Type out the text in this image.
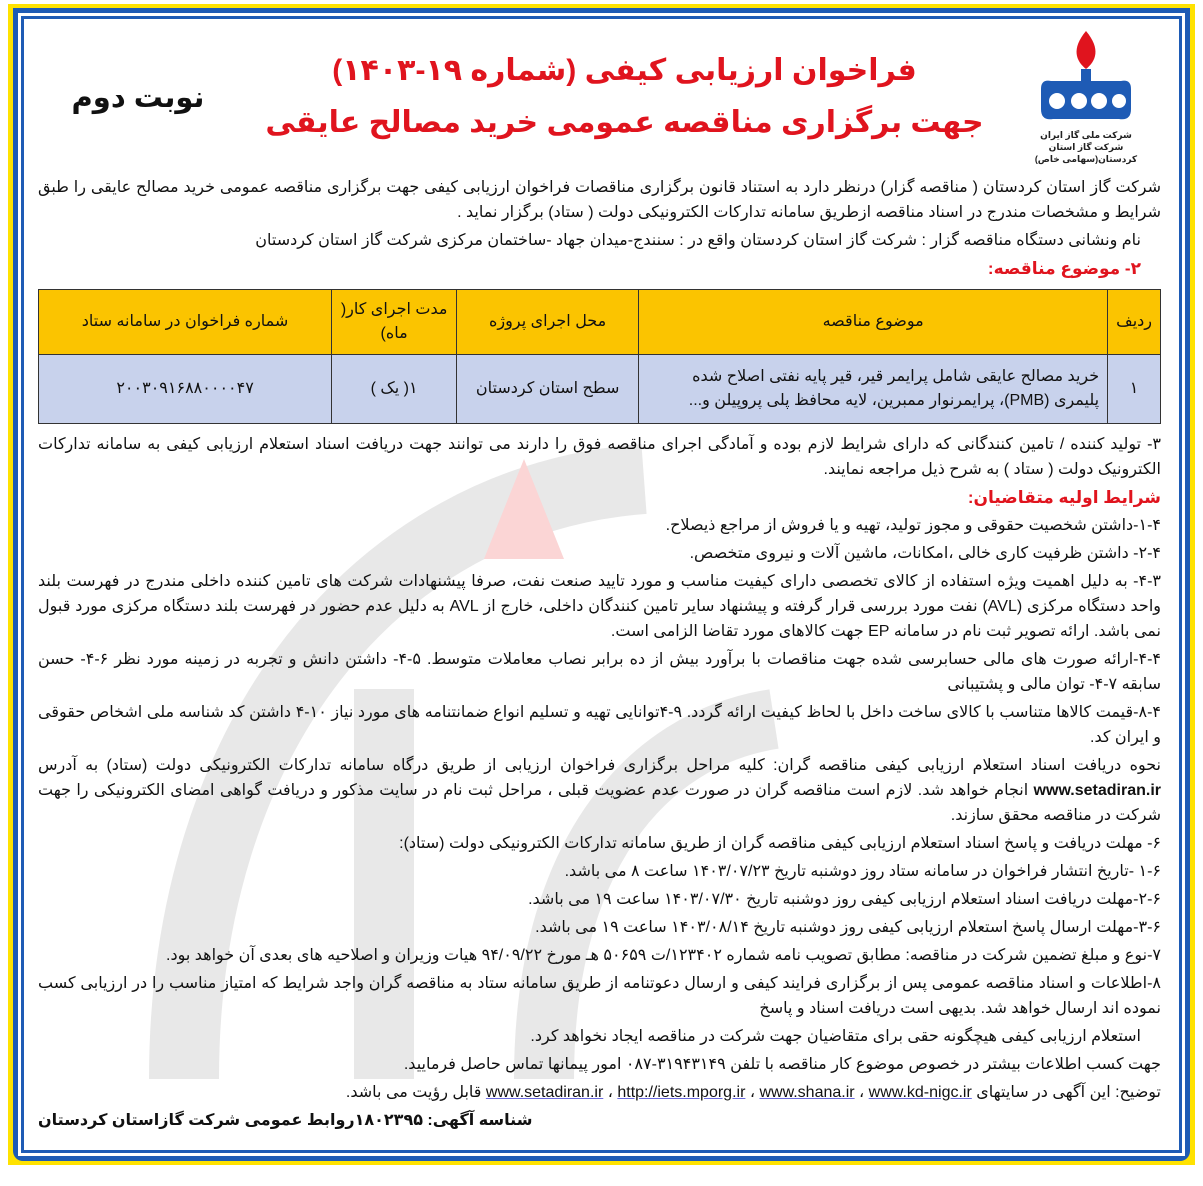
شرکت ملی گاز ایران
شرکت گاز استان کردستان(سهامی خاص)
فراخوان ارزیابی کیفی (شماره ۱۹-۱۴۰۳)
جهت برگزاری مناقصه عمومی خرید مصالح عایقی
نوبت دوم
شرکت گاز استان کردستان ( مناقصه گزار) درنظر دارد به استناد قانون برگزاری مناقصات فراخوان ارزیابی کیفی جهت برگزاری مناقصه عمومی خرید مصالح عایقی را طبق شرایط و مشخصات مندرج در اسناد مناقصه ازطریق سامانه تدارکات الکترونیکی دولت ( ستاد) برگزار نماید .
نام ونشانی دستگاه مناقصه گزار : شرکت گاز استان کردستان واقع در : سنندج-میدان جهاد -ساختمان مرکزی شرکت گاز استان کردستان
۲- موضوع مناقصه:
ردیف	موضوع مناقصه	محل اجرای پروژه	مدت اجرای کار( ماه)	شماره فراخوان در سامانه ستاد
۱	خرید مصالح عایقی شامل پرایمر قیر، قیر پایه نفتی اصلاح شده پلیمری (PMB)، پرایمرنوار ممبرین، لایه محافظ پلی پروپیلن و...	سطح استان کردستان	۱( یک )	۲۰۰۳۰۹۱۶۸۸۰۰۰۰۴۷
۳- تولید کننده / تامین کنندگانی که دارای شرایط لازم بوده و آمادگی اجرای مناقصه فوق را دارند می توانند جهت دریافت اسناد استعلام ارزیابی کیفی به سامانه تدارکات الکترونیک دولت ( ستاد ) به شرح ذیل مراجعه نمایند.
شرایط اولیه متقاضیان:
۱-۴-داشتن شخصیت حقوقی و مجوز تولید، تهیه و یا فروش از مراجع ذیصلاح.
۲-۴- داشتن ظرفیت کاری خالی ،امکانات، ماشین آلات و نیروی متخصص.
۴-۳- به دلیل اهمیت ویژه استفاده از کالای تخصصی دارای کیفیت مناسب و مورد تایید صنعت نفت، صرفا پیشنهادات شرکت های تامین کننده داخلی مندرج در فهرست بلند واحد دستگاه مرکزی (AVL) نفت مورد بررسی قرار گرفته و پیشنهاد سایر تامین کنندگان داخلی، خارج از AVL به دلیل عدم حضور در فهرست بلند دستگاه مرکزی مورد قبول نمی باشد. ارائه تصویر ثبت نام در سامانه EP جهت کالاهای مورد تقاضا الزامی است.
۴-۴-ارائه صورت های مالی حسابرسی شده جهت مناقصات با برآورد بیش از ده برابر نصاب معاملات متوسط. ۵-۴- داشتن دانش و تجربه در زمینه مورد نظر ۶-۴- حسن سابقه ۷-۴- توان مالی و پشتیبانی
۸-۴-قیمت کالاها متناسب با کالای ساخت داخل با لحاظ کیفیت ارائه گردد. ۹-۴توانایی تهیه و تسلیم انواع ضمانتنامه های مورد نیاز ۱۰-۴ داشتن کد شناسه ملی اشخاص حقوقی و ایران کد.
نحوه دریافت اسناد استعلام ارزیابی کیفی مناقصه گران: کلیه مراحل برگزاری فراخوان ارزیابی از طریق درگاه سامانه تدارکات الکترونیکی دولت (ستاد) به آدرس www.setadiran.ir انجام خواهد شد. لازم است مناقصه گران در صورت عدم عضویت قبلی ، مراحل ثبت نام در سایت مذکور و دریافت گواهی امضای الکترونیکی را جهت شرکت در مناقصه محقق سازند.
۶- مهلت دریافت و پاسخ اسناد استعلام ارزیابی کیفی مناقصه گران از طریق سامانه تدارکات الکترونیکی دولت (ستاد):
۱-۶ -تاریخ انتشار فراخوان در سامانه ستاد روز دوشنبه تاریخ ۱۴۰۳/۰۷/۲۳ ساعت ۸ می باشد.
۲-۶-مهلت دریافت اسناد استعلام ارزیابی کیفی روز دوشنبه تاریخ ۱۴۰۳/۰۷/۳۰ ساعت ۱۹ می باشد.
۳-۶-مهلت ارسال پاسخ استعلام ارزیابی کیفی روز دوشنبه تاریخ ۱۴۰۳/۰۸/۱۴ ساعت ۱۹ می باشد.
۷-نوع و مبلغ تضمین شرکت در مناقصه: مطابق تصویب نامه شماره ۱۲۳۴۰۲/ت ۵۰۶۵۹ هـ مورخ ۹۴/۰۹/۲۲ هیات وزیران و اصلاحیه های بعدی آن خواهد بود.
۸-اطلاعات و اسناد مناقصه عمومی پس از برگزاری فرایند کیفی و ارسال دعوتنامه از طریق سامانه ستاد به مناقصه گران واجد شرایط که امتیاز مناسب را در ارزیابی کسب نموده اند ارسال خواهد شد. بدیهی است دریافت اسناد و پاسخ
استعلام ارزیابی کیفی هیچگونه حقی برای متقاضیان جهت شرکت در مناقصه ایجاد نخواهد کرد.
جهت کسب اطلاعات بیشتر در خصوص موضوع کار مناقصه با تلفن ۳۱۹۴۳۱۴۹-۰۸۷ امور پیمانها تماس حاصل فرمایید.
توضیح: این آگهی در سایتهای www.kd-nigc.ir ، www.shana.ir ، http://iets.mporg.ir ، www.setadiran.ir قابل رؤیت می باشد.
شناسه آگهی: ۱۸۰۲۳۹۵روابط عمومی شرکت گازاستان کردستان
